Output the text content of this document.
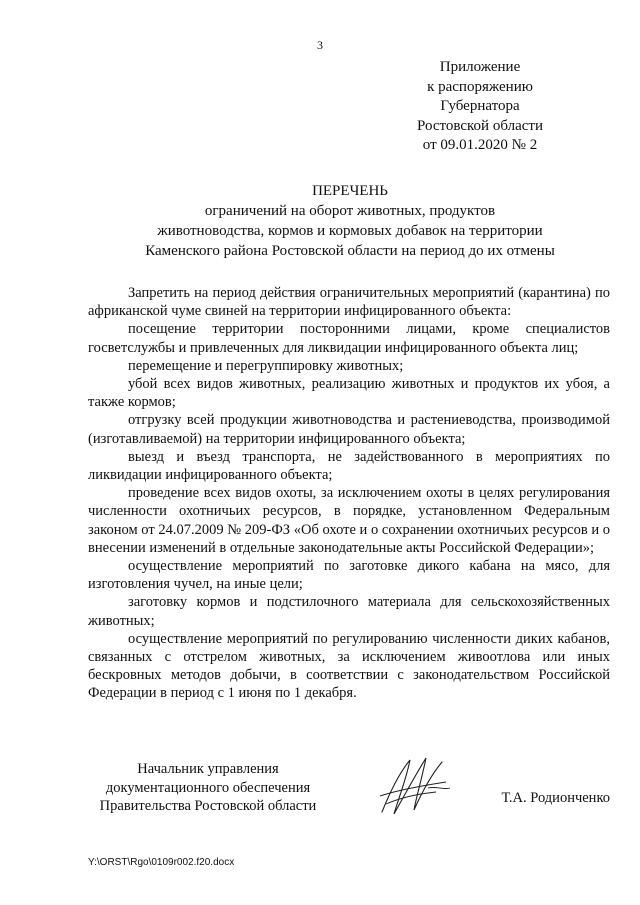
3
Приложение
к распоряжению
Губернатора
Ростовской области
от 09.01.2020 № 2
ПЕРЕЧЕНЬ
ограничений на оборот животных, продуктов
животноводства, кормов и кормовых добавок на территории
Каменского района Ростовской области на период до их отмены

Запретить на период действия ограничительных мероприятий (карантина) по африканской чуме свиней на территории инфицированного объекта:

посещение территории посторонними лицами, кроме специалистов госветслужбы и привлеченных для ликвидации инфицированного объекта лиц;

перемещение и перегруппировку животных;

убой всех видов животных, реализацию животных и продуктов их убоя, а также кормов;

отгрузку всей продукции животноводства и растениеводства, производимой (изготавливаемой) на территории инфицированного объекта;

выезд и въезд транспорта, не задействованного в мероприятиях по ликвидации инфицированного объекта;

проведение всех видов охоты, за исключением охоты в целях регулирования численности охотничьих ресурсов, в порядке, установленном Федеральным законом от 24.07.2009 № 209-ФЗ «Об охоте и о сохранении охотничьих ресурсов и о внесении изменений в отдельные законодательные акты Российской Федерации»;

осуществление мероприятий по заготовке дикого кабана на мясо, для изготовления чучел, на иные цели;

заготовку кормов и подстилочного материала для сельскохозяйственных животных;

осуществление мероприятий по регулированию численности диких кабанов, связанных с отстрелом животных, за исключением живоотлова или иных бескровных методов добычи, в соответствии с законодательством Российской Федерации в период с 1 июня по 1 декабря.

Начальник управления
документационного обеспечения
Правительства Ростовской области	Т.А. Родионченко
Y:\ORST\Rgo\0109r002.f20.docx
